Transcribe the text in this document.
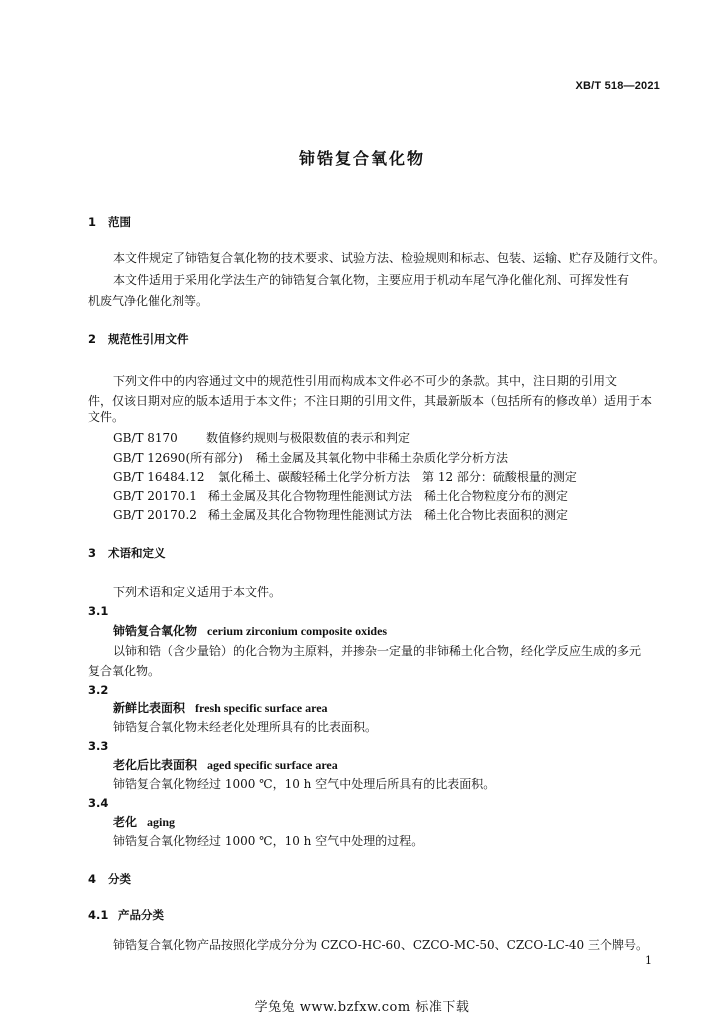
XB/T 518—2021
铈锆复合氧化物
1 范围
本文件规定了铈锆复合氧化物的技术要求、试验方法、检验规则和标志、包装、运输、贮存及随行文件。
本文件适用于采用化学法生产的铈锆复合氧化物，主要应用于机动车尾气净化催化剂、可挥发性有
机废气净化催化剂等。
2 规范性引用文件
下列文件中的内容通过文中的规范性引用而构成本文件必不可少的条款。其中，注日期的引用文
件，仅该日期对应的版本适用于本文件；不注日期的引用文件，其最新版本（包括所有的修改单）适用于本
文件。
GB/T 8170 数值修约规则与极限数值的表示和判定
GB/T 12690(所有部分) 稀土金属及其氧化物中非稀土杂质化学分析方法
GB/T 16484.12 氯化稀土、碳酸轻稀土化学分析方法　第 12 部分：硫酸根量的测定
GB/T 20170.1 稀土金属及其化合物物理性能测试方法　稀土化合物粒度分布的测定
GB/T 20170.2 稀土金属及其化合物物理性能测试方法　稀土化合物比表面积的测定
3 术语和定义
下列术语和定义适用于本文件。
3.1
铈锆复合氧化物 cerium zirconium composite oxides
以铈和锆（含少量铪）的化合物为主原料，并掺杂一定量的非铈稀土化合物，经化学反应生成的多元
复合氧化物。
3.2
新鲜比表面积 fresh specific surface area
铈锆复合氧化物未经老化处理所具有的比表面积。
3.3
老化后比表面积 aged specific surface area
铈锆复合氧化物经过 1000 ℃，10 h 空气中处理后所具有的比表面积。
3.4
老化 aging
铈锆复合氧化物经过 1000 ℃，10 h 空气中处理的过程。
4 分类
4.1 产品分类
铈锆复合氧化物产品按照化学成分分为 CZCO-HC-60、CZCO-MC-50、CZCO-LC-40 三个牌号。
1
学兔兔 www.bzfxw.com 标准下载
